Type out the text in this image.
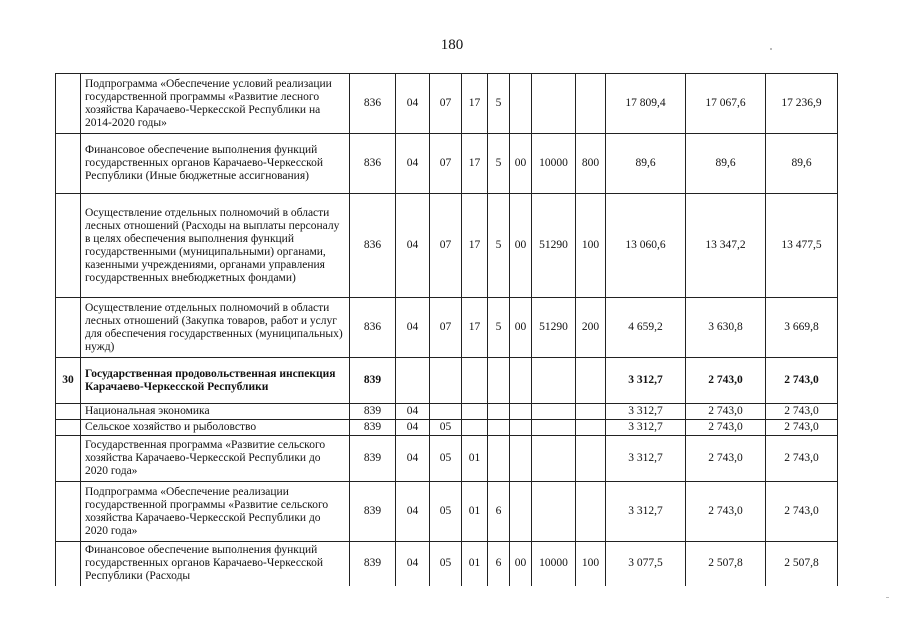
180
	Подпрограмма «Обеспечение условий реализации государственной программы «Развитие лесного хозяйства Карачаево-Черкесской Республики на 2014-2020 годы»	836	04	07	17	5				17 809,4	17 067,6	17 236,9
	Финансовое обеспечение выполнения функций государственных органов Карачаево-Черкесской Республики (Иные бюджетные ассигнования)	836	04	07	17	5	00	10000	800	89,6	89,6	89,6
	Осуществление отдельных полномочий в области лесных отношений (Расходы на выплаты персоналу в целях обеспечения выполнения функций государственными (муниципальными) органами, казенными учреждениями, органами управления государственных внебюджетных фондами)	836	04	07	17	5	00	51290	100	13 060,6	13 347,2	13 477,5
	Осуществление отдельных полномочий в области лесных отношений (Закупка товаров, работ и услуг для обеспечения государственных (муниципальных) нужд)	836	04	07	17	5	00	51290	200	4 659,2	3 630,8	3 669,8
30	Государственная продовольственная инспекция Карачаево-Черкесской Республики	839								3 312,7	2 743,0	2 743,0
	Национальная экономика	839	04							3 312,7	2 743,0	2 743,0
	Сельское хозяйство и рыболовство	839	04	05						3 312,7	2 743,0	2 743,0
	Государственная программа «Развитие сельского хозяйства Карачаево-Черкесской Республики до 2020 года»	839	04	05	01					3 312,7	2 743,0	2 743,0
	Подпрограмма «Обеспечение реализации государственной программы «Развитие сельского хозяйства Карачаево-Черкесской Республики до 2020 года»	839	04	05	01	6				3 312,7	2 743,0	2 743,0
	Финансовое обеспечение выполнения функций государственных органов Карачаево-Черкесской Республики (Расходы	839	04	05	01	6	00	10000	100	3 077,5	2 507,8	2 507,8
